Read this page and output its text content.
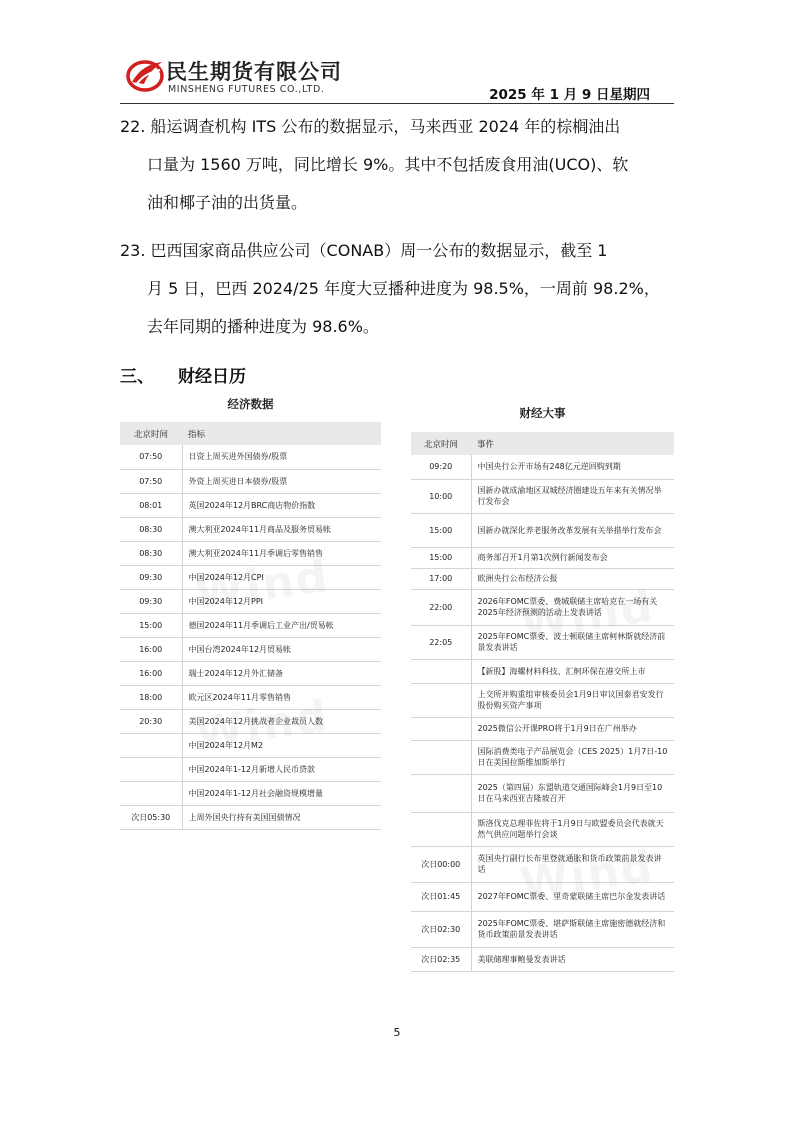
民生期货有限公司
MINSHENG FUTURES CO.,LTD.	2025 年 1 月 9 日星期四
22. 船运调查机构 ITS 公布的数据显示，马来西亚 2024 年的棕榈油出
口量为 1560 万吨，同比增长 9%。其中不包括废食用油(UCO)、软
油和椰子油的出货量。
23. 巴西国家商品供应公司（CONAB）周一公布的数据显示，截至 1
月 5 日，巴西 2024/25 年度大豆播种进度为 98.5%，一周前 98.2%，
去年同期的播种进度为 98.6%。
三、 财经日历
经济数据
财经大事
北京时间	指标
07:50	日资上周买进外国债券/股票
07:50	外资上周买进日本债券/股票
08:01	英国2024年12月BRC商店物价指数
08:30	澳大利亚2024年11月商品及服务贸易帐
08:30	澳大利亚2024年11月季调后零售销售
09:30	中国2024年12月CPI
09:30	中国2024年12月PPI
15:00	德国2024年11月季调后工业产出/贸易帐
16:00	中国台湾2024年12月贸易帐
16:00	瑞士2024年12月外汇储备
18:00	欧元区2024年11月零售销售
20:30	美国2024年12月挑战者企业裁员人数
	中国2024年12月M2
	中国2024年1-12月新增人民币贷款
	中国2024年1-12月社会融资规模增量
次日05:30	上周外国央行持有美国国债情况
北京时间	事件
09:20	中国央行公开市场有248亿元逆回购到期
10:00	国新办就成渝地区双城经济圈建设五年来有关情况举行发布会
15:00	国新办就深化养老服务改革发展有关举措举行发布会
15:00	商务部召开1月第1次例行新闻发布会
17:00	欧洲央行公布经济公报
22:00	2026年FOMC票委、费城联储主席哈克在一场有关2025年经济预测的活动上发表讲话
22:05	2025年FOMC票委、波士顿联储主席柯林斯就经济前景发表讲话
	【新股】海螺材料科技、汇舸环保在港交所上市
	上交所并购重组审核委员会1月9日审议国泰君安发行股份购买资产事项
	2025微信公开课PRO将于1月9日在广州举办
	国际消费类电子产品展览会（CES 2025）1月7日-10日在美国拉斯维加斯举行
	2025（第四届）东盟轨道交通国际峰会1月9日至10日在马来西亚吉隆坡召开
	斯洛伐克总理菲佐将于1月9日与欧盟委员会代表就天然气供应问题举行会谈
次日00:00	英国央行副行长布里登就通胀和货币政策前景发表讲话
次日01:45	2027年FOMC票委、里奇蒙联储主席巴尔金发表讲话
次日02:30	2025年FOMC票委、堪萨斯联储主席施密德就经济和货币政策前景发表讲话
次日02:35	美联储理事鲍曼发表讲话
5
